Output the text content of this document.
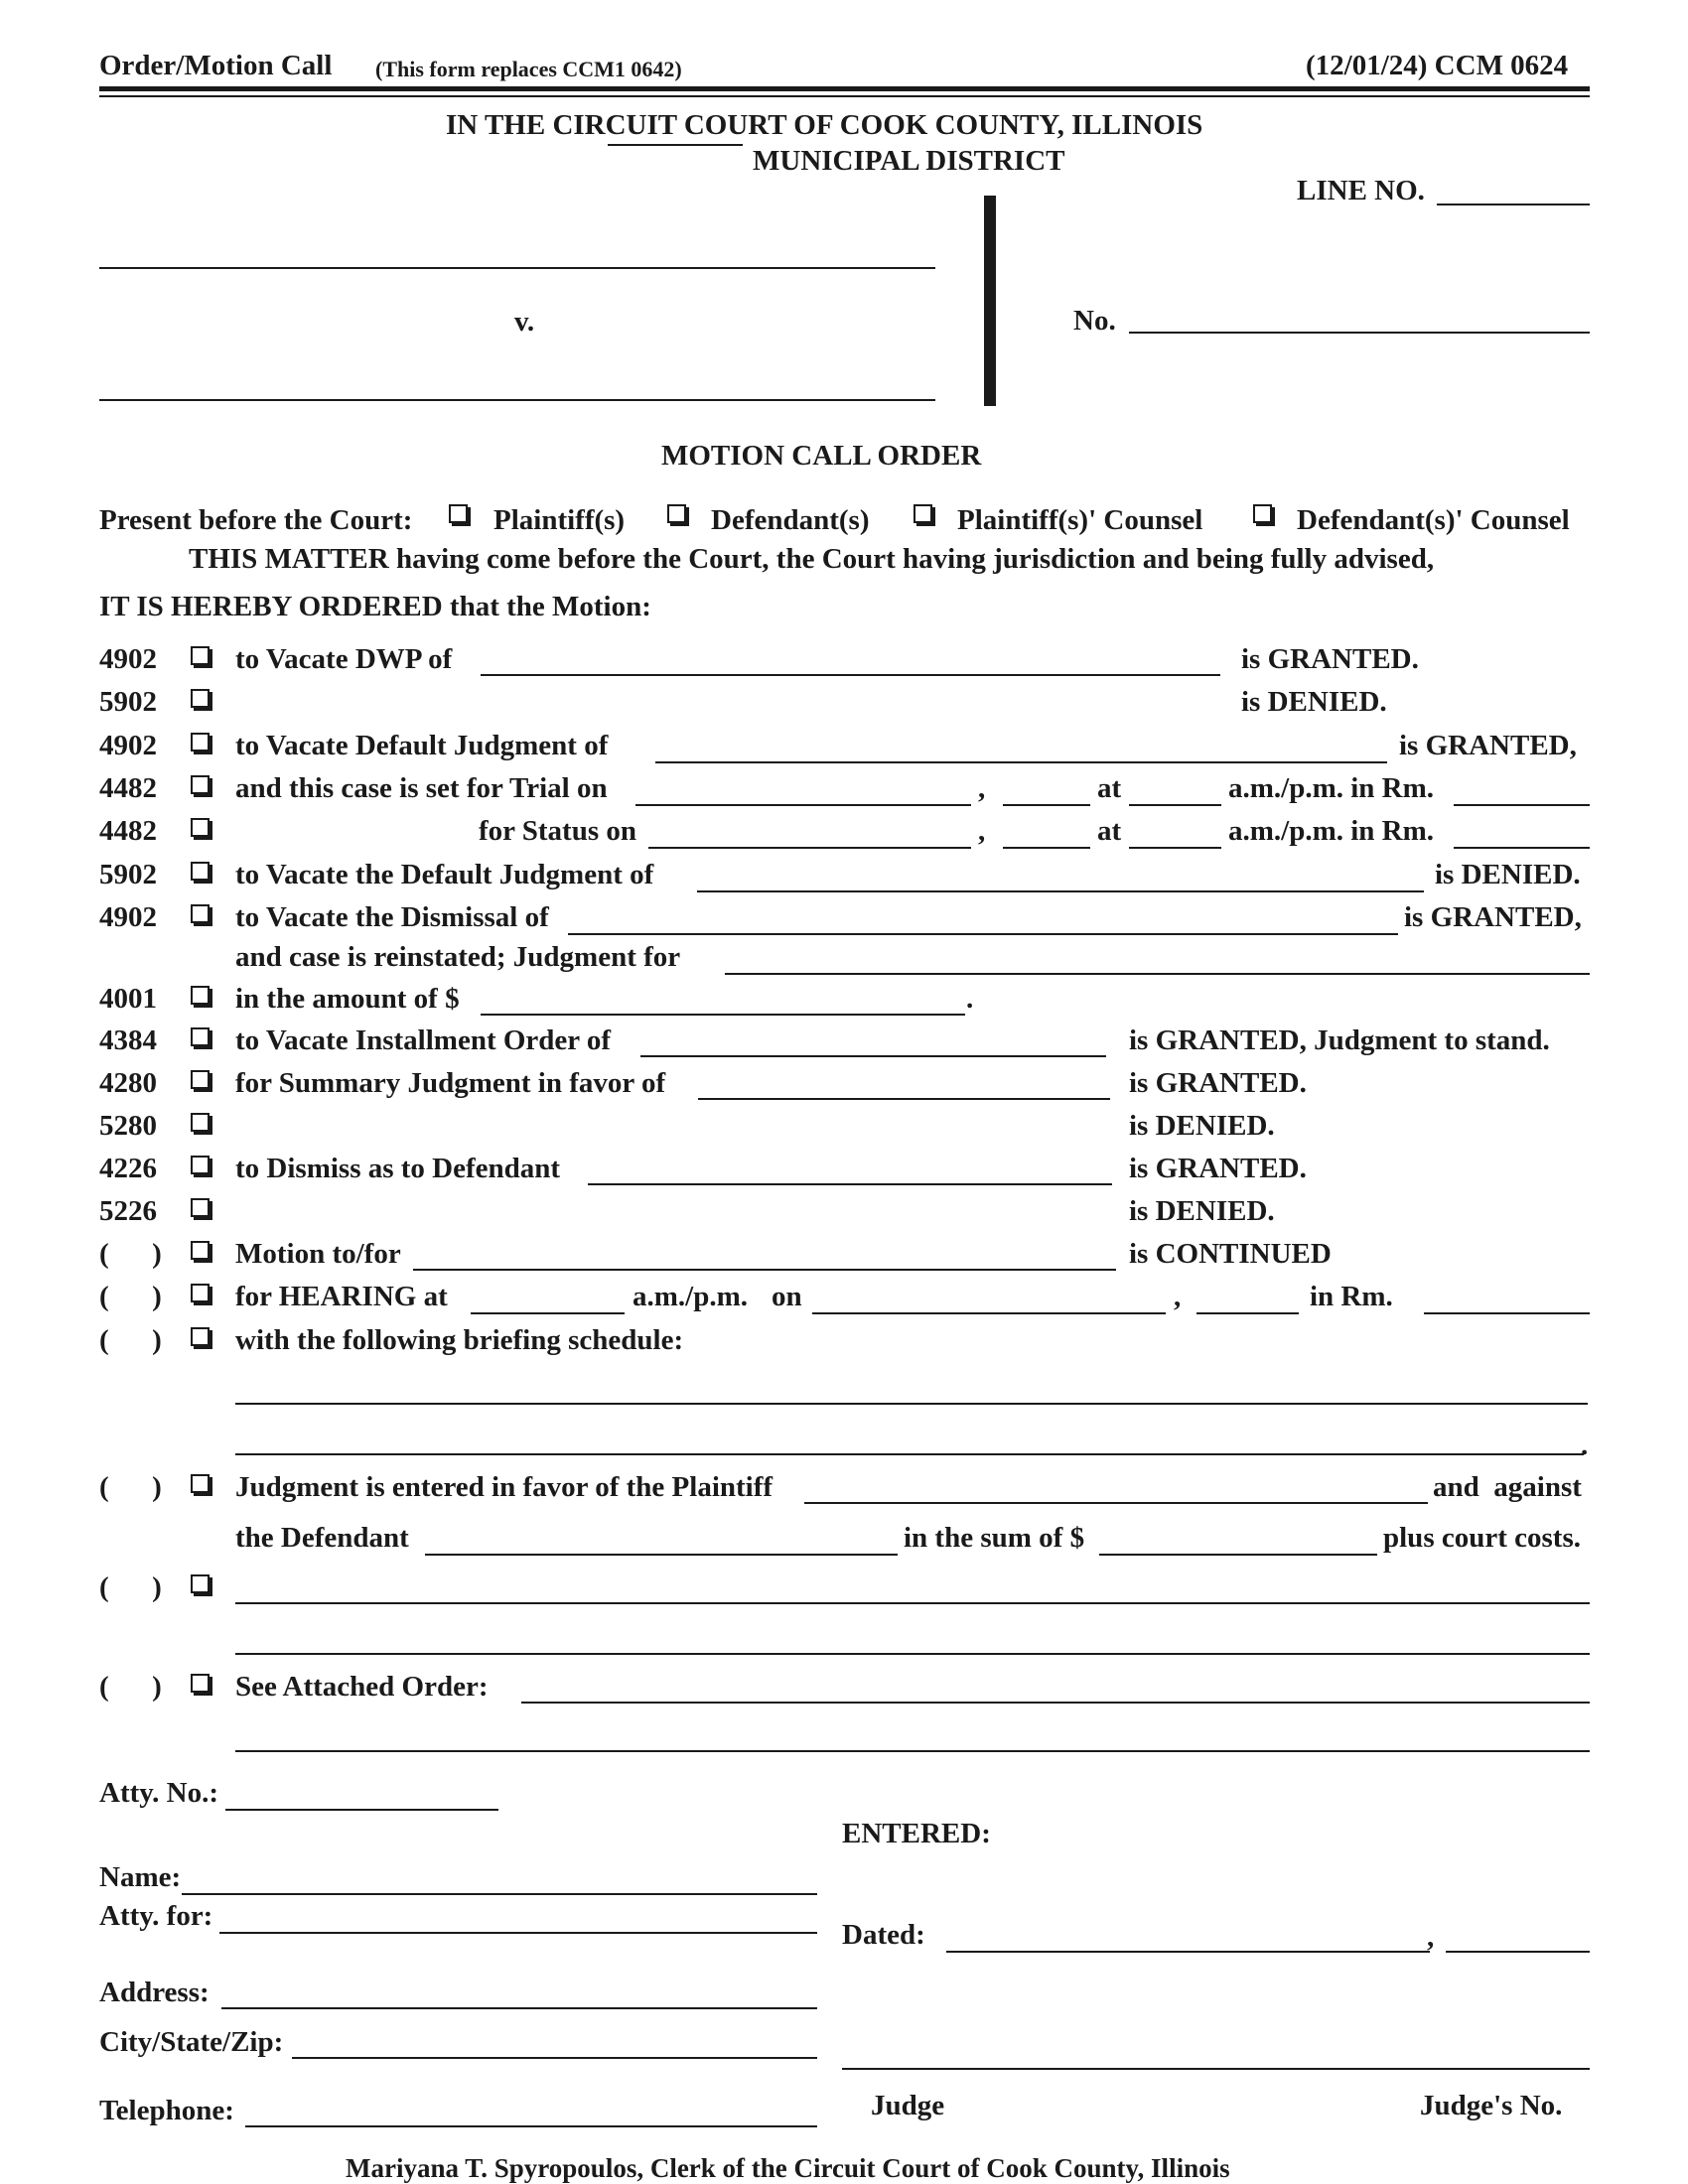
Order/Motion Call (This form replaces CCM1 0642)	(12/01/24) CCM 0624
IN THE CIRCUIT COURT OF COOK COUNTY, ILLINOIS
MUNICIPAL DISTRICT
LINE NO.
v.	No.
MOTION CALL ORDER
Present before the Court:	Plaintiff(s)	Defendant(s)	Plaintiff(s)' Counsel	Defendant(s)' Counsel
THIS MATTER having come before the Court, the Court having jurisdiction and being fully advised,
IT IS HEREBY ORDERED that the Motion:
4902	to Vacate DWP of	is GRANTED.
5902	is DENIED.
4902	to Vacate Default Judgment of	is GRANTED,
4482	and this case is set for Trial on	,	at	a.m./p.m. in Rm.
4482	for Status on	,	at	a.m./p.m. in Rm.
5902	to Vacate the Default Judgment of	is DENIED.
4902	to Vacate the Dismissal of	is GRANTED,
and case is reinstated; Judgment for
4001	in the amount of $	.
4384	to Vacate Installment Order of	is GRANTED, Judgment to stand.
4280	for Summary Judgment in favor of	is GRANTED.
5280	is DENIED.
4226	to Dismiss as to Defendant	is GRANTED.
5226	is DENIED.
(      )	Motion to/for	is CONTINUED
(      )	for HEARING at	a.m./p.m. on	,	in Rm.
(      )	with the following briefing schedule:
.
(      )	Judgment is entered in favor of the Plaintiff	and  against
the Defendant	in the sum of $	plus court costs.
(      )
(      )	See Attached Order:
Atty. No.:
Name:
Atty. for:
Address:
City/State/Zip:
Telephone:
ENTERED:
Dated:	,
Judge	Judge's No.
Mariyana T. Spyropoulos, Clerk of the Circuit Court of Cook County, Illinois
